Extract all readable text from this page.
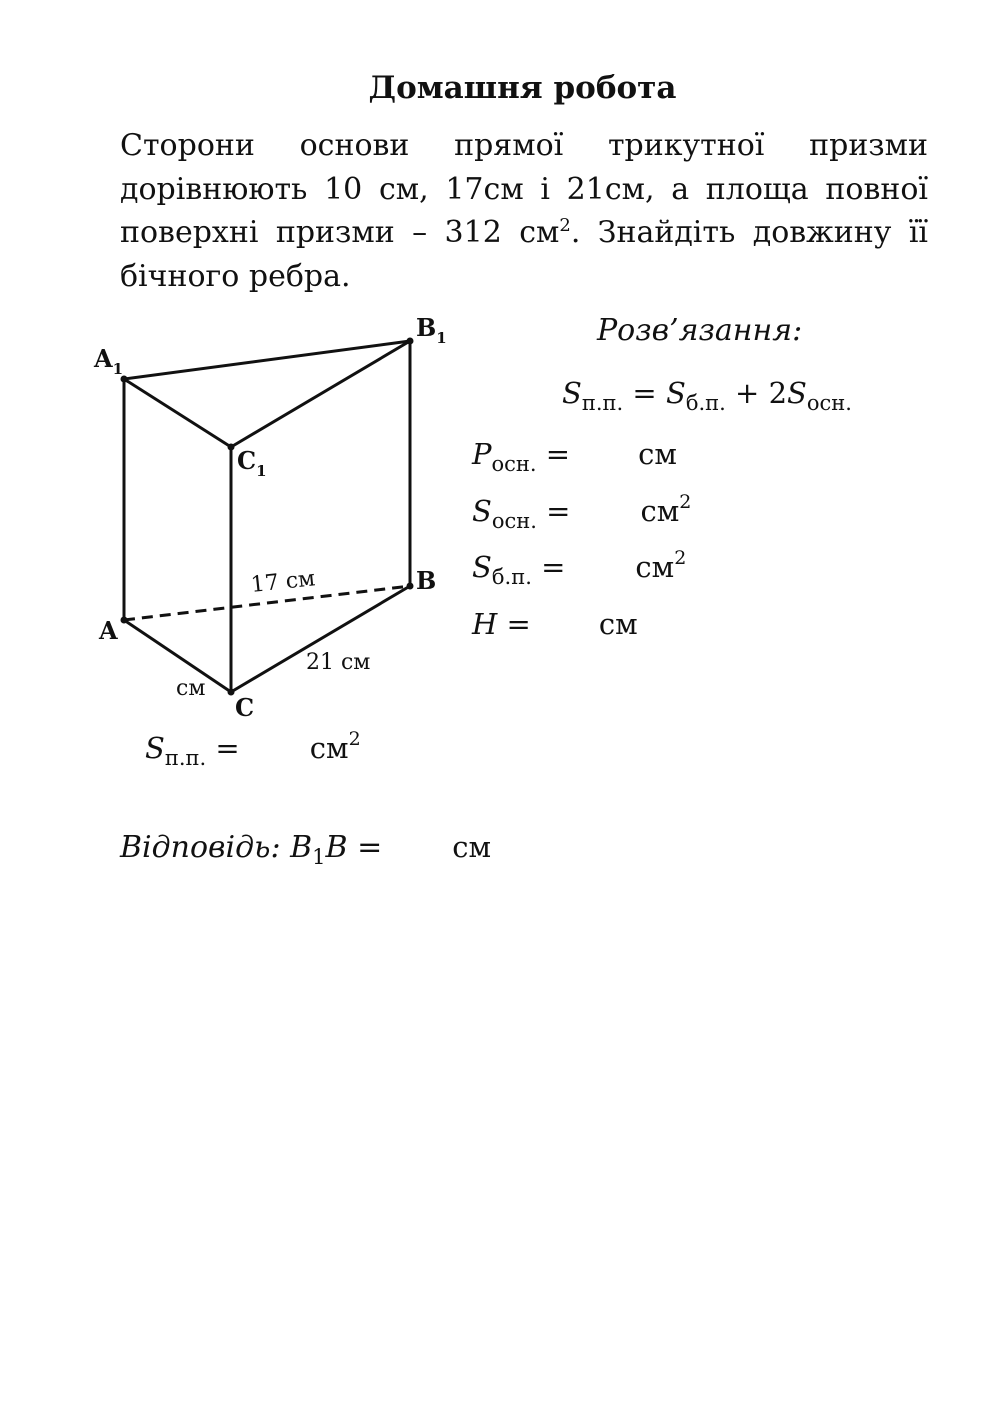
Домашня робота
Сторони основи прямої трикутної призми дорівнюють 10 см, 17см і 21см, а площа повної поверхні призми – 312 $см^2$. Знайдіть довжину її бічного ребра.
$A_1$
$B_1$
$C_1$
A
B
C
17 см
21 см
см
$S_{п.п.} = см^2$
Розв’язання:
$S_{п.п.} = S_{б.п.} + 2S_{осн.}$
$P_{осн.}$ = см
$S_{осн.} = см^2$
$S_{б.п.} = см^2$
H = см
Відповідь: $B_1B$ = см
